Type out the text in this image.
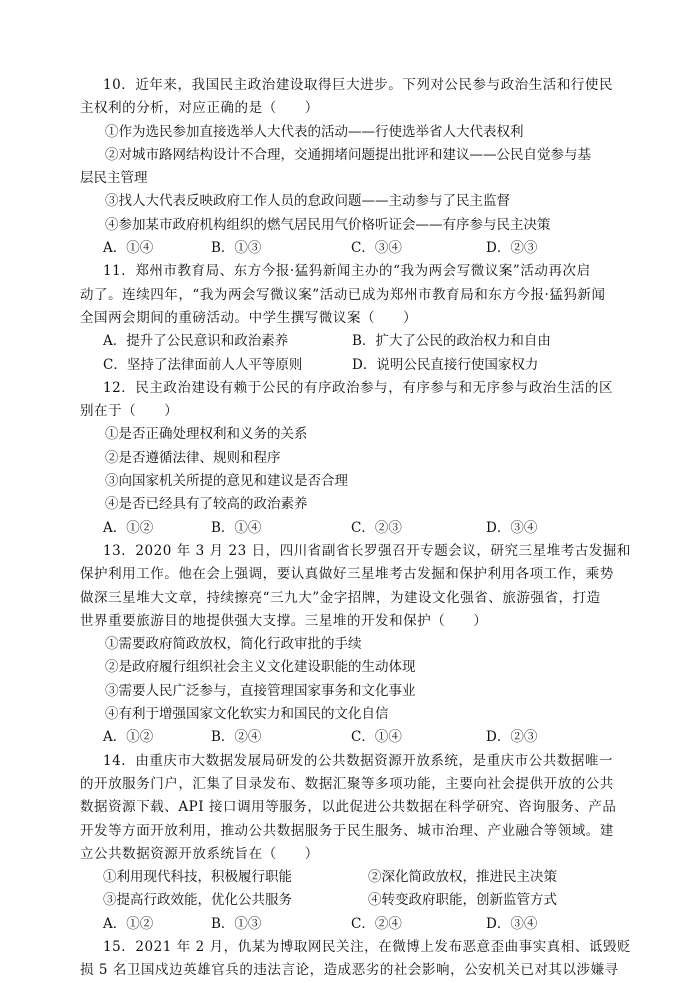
10．近年来，我国民主政治建设取得巨大进步。下列对公民参与政治生活和行使民
主权利的分析，对应正确的是（　　）
①作为选民参加直接选举人大代表的活动——行使选举省人大代表权利
②对城市路网结构设计不合理，交通拥堵问题提出批评和建议——公民自觉参与基
层民主管理
③找人大代表反映政府工作人员的怠政问题——主动参与了民主监督
④参加某市政府机构组织的燃气居民用气价格听证会——有序参与民主决策
A．①④	B．①③	C．③④	D．②③
11．郑州市教育局、东方今报·猛犸新闻主办的“我为两会写微议案”活动再次启
动了。连续四年，“我为两会写微议案”活动已成为郑州市教育局和东方今报·猛犸新闻
全国两会期间的重磅活动。中学生撰写微议案（　　）
A．提升了公民意识和政治素养	B．扩大了公民的政治权力和自由
C．坚持了法律面前人人平等原则	D．说明公民直接行使国家权力
12．民主政治建设有赖于公民的有序政治参与，有序参与和无序参与政治生活的区
别在于（　　）
①是否正确处理权利和义务的关系
②是否遵循法律、规则和程序
③向国家机关所提的意见和建议是否合理
④是否已经具有了较高的政治素养
A．①②	B．①④	C．②③	D．③④
13．2020 年 3 月 23 日，四川省副省长罗强召开专题会议，研究三星堆考古发掘和
保护利用工作。他在会上强调，要认真做好三星堆考古发掘和保护利用各项工作，乘势
做深三星堆大文章，持续擦亮“三九大”金字招牌，为建设文化强省、旅游强省，打造
世界重要旅游目的地提供强大支撑。三星堆的开发和保护（　　）
①需要政府简政放权，简化行政审批的手续
②是政府履行组织社会主义文化建设职能的生动体现
③需要人民广泛参与，直接管理国家事务和文化事业
④有利于增强国家文化软实力和国民的文化自信
A．①②	B．②④	C．①④	D．②③
14．由重庆市大数据发展局研发的公共数据资源开放系统，是重庆市公共数据唯一
的开放服务门户，汇集了目录发布、数据汇聚等多项功能，主要向社会提供开放的公共
数据资源下载、API 接口调用等服务，以此促进公共数据在科学研究、咨询服务、产品
开发等方面开放利用，推动公共数据服务于民生服务、城市治理、产业融合等领域。建
立公共数据资源开放系统旨在（　　）
①利用现代科技，积极履行职能	②深化简政放权，推进民主决策
③提高行政效能，优化公共服务	④转变政府职能，创新监管方式
A．①②	B．①③	C．②④	D．③④
15．2021 年 2 月，仇某为博取网民关注，在微博上发布恶意歪曲事实真相、诋毁贬
损 5 名卫国戍边英雄官兵的违法言论，造成恶劣的社会影响，公安机关已对其以涉嫌寻
